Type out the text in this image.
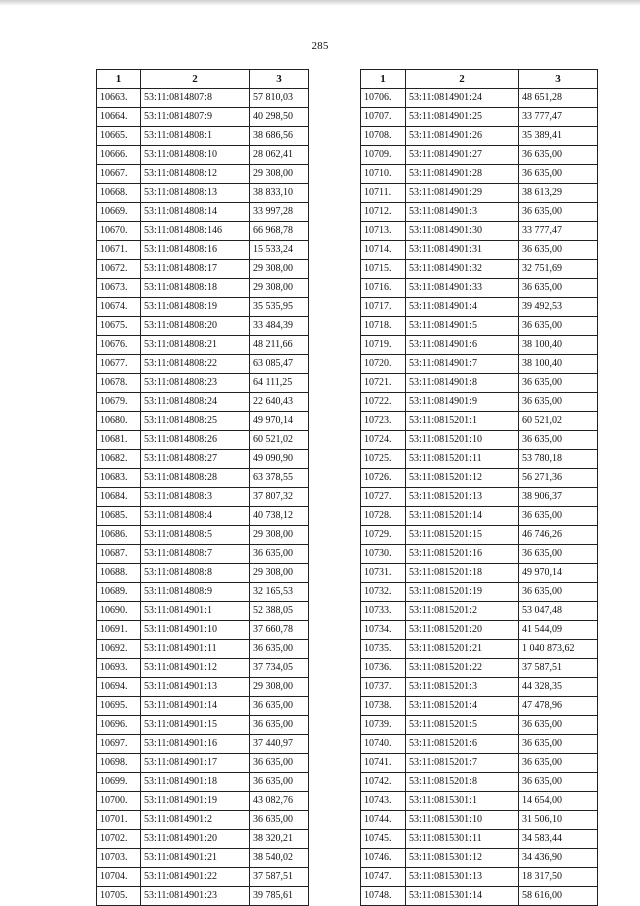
285
1	2	3
10663.	53:11:0814807:8	57 810,03
10664.	53:11:0814807:9	40 298,50
10665.	53:11:0814808:1	38 686,56
10666.	53:11:0814808:10	28 062,41
10667.	53:11:0814808:12	29 308,00
10668.	53:11:0814808:13	38 833,10
10669.	53:11:0814808:14	33 997,28
10670.	53:11:0814808:146	66 968,78
10671.	53:11:0814808:16	15 533,24
10672.	53:11:0814808:17	29 308,00
10673.	53:11:0814808:18	29 308,00
10674.	53:11:0814808:19	35 535,95
10675.	53:11:0814808:20	33 484,39
10676.	53:11:0814808:21	48 211,66
10677.	53:11:0814808:22	63 085,47
10678.	53:11:0814808:23	64 111,25
10679.	53:11:0814808:24	22 640,43
10680.	53:11:0814808:25	49 970,14
10681.	53:11:0814808:26	60 521,02
10682.	53:11:0814808:27	49 090,90
10683.	53:11:0814808:28	63 378,55
10684.	53:11:0814808:3	37 807,32
10685.	53:11:0814808:4	40 738,12
10686.	53:11:0814808:5	29 308,00
10687.	53:11:0814808:7	36 635,00
10688.	53:11:0814808:8	29 308,00
10689.	53:11:0814808:9	32 165,53
10690.	53:11:0814901:1	52 388,05
10691.	53:11:0814901:10	37 660,78
10692.	53:11:0814901:11	36 635,00
10693.	53:11:0814901:12	37 734,05
10694.	53:11:0814901:13	29 308,00
10695.	53:11:0814901:14	36 635,00
10696.	53:11:0814901:15	36 635,00
10697.	53:11:0814901:16	37 440,97
10698.	53:11:0814901:17	36 635,00
10699.	53:11:0814901:18	36 635,00
10700.	53:11:0814901:19	43 082,76
10701.	53:11:0814901:2	36 635,00
10702.	53:11:0814901:20	38 320,21
10703.	53:11:0814901:21	38 540,02
10704.	53:11:0814901:22	37 587,51
10705.	53:11:0814901:23	39 785,61
1	2	3
10706.	53:11:0814901:24	48 651,28
10707.	53:11:0814901:25	33 777,47
10708.	53:11:0814901:26	35 389,41
10709.	53:11:0814901:27	36 635,00
10710.	53:11:0814901:28	36 635,00
10711.	53:11:0814901:29	38 613,29
10712.	53:11:0814901:3	36 635,00
10713.	53:11:0814901:30	33 777,47
10714.	53:11:0814901:31	36 635,00
10715.	53:11:0814901:32	32 751,69
10716.	53:11:0814901:33	36 635,00
10717.	53:11:0814901:4	39 492,53
10718.	53:11:0814901:5	36 635,00
10719.	53:11:0814901:6	38 100,40
10720.	53:11:0814901:7	38 100,40
10721.	53:11:0814901:8	36 635,00
10722.	53:11:0814901:9	36 635,00
10723.	53:11:0815201:1	60 521,02
10724.	53:11:0815201:10	36 635,00
10725.	53:11:0815201:11	53 780,18
10726.	53:11:0815201:12	56 271,36
10727.	53:11:0815201:13	38 906,37
10728.	53:11:0815201:14	36 635,00
10729.	53:11:0815201:15	46 746,26
10730.	53:11:0815201:16	36 635,00
10731.	53:11:0815201:18	49 970,14
10732.	53:11:0815201:19	36 635,00
10733.	53:11:0815201:2	53 047,48
10734.	53:11:0815201:20	41 544,09
10735.	53:11:0815201:21	1 040 873,62
10736.	53:11:0815201:22	37 587,51
10737.	53:11:0815201:3	44 328,35
10738.	53:11:0815201:4	47 478,96
10739.	53:11:0815201:5	36 635,00
10740.	53:11:0815201:6	36 635,00
10741.	53:11:0815201:7	36 635,00
10742.	53:11:0815201:8	36 635,00
10743.	53:11:0815301:1	14 654,00
10744.	53:11:0815301:10	31 506,10
10745.	53:11:0815301:11	34 583,44
10746.	53:11:0815301:12	34 436,90
10747.	53:11:0815301:13	18 317,50
10748.	53:11:0815301:14	58 616,00
